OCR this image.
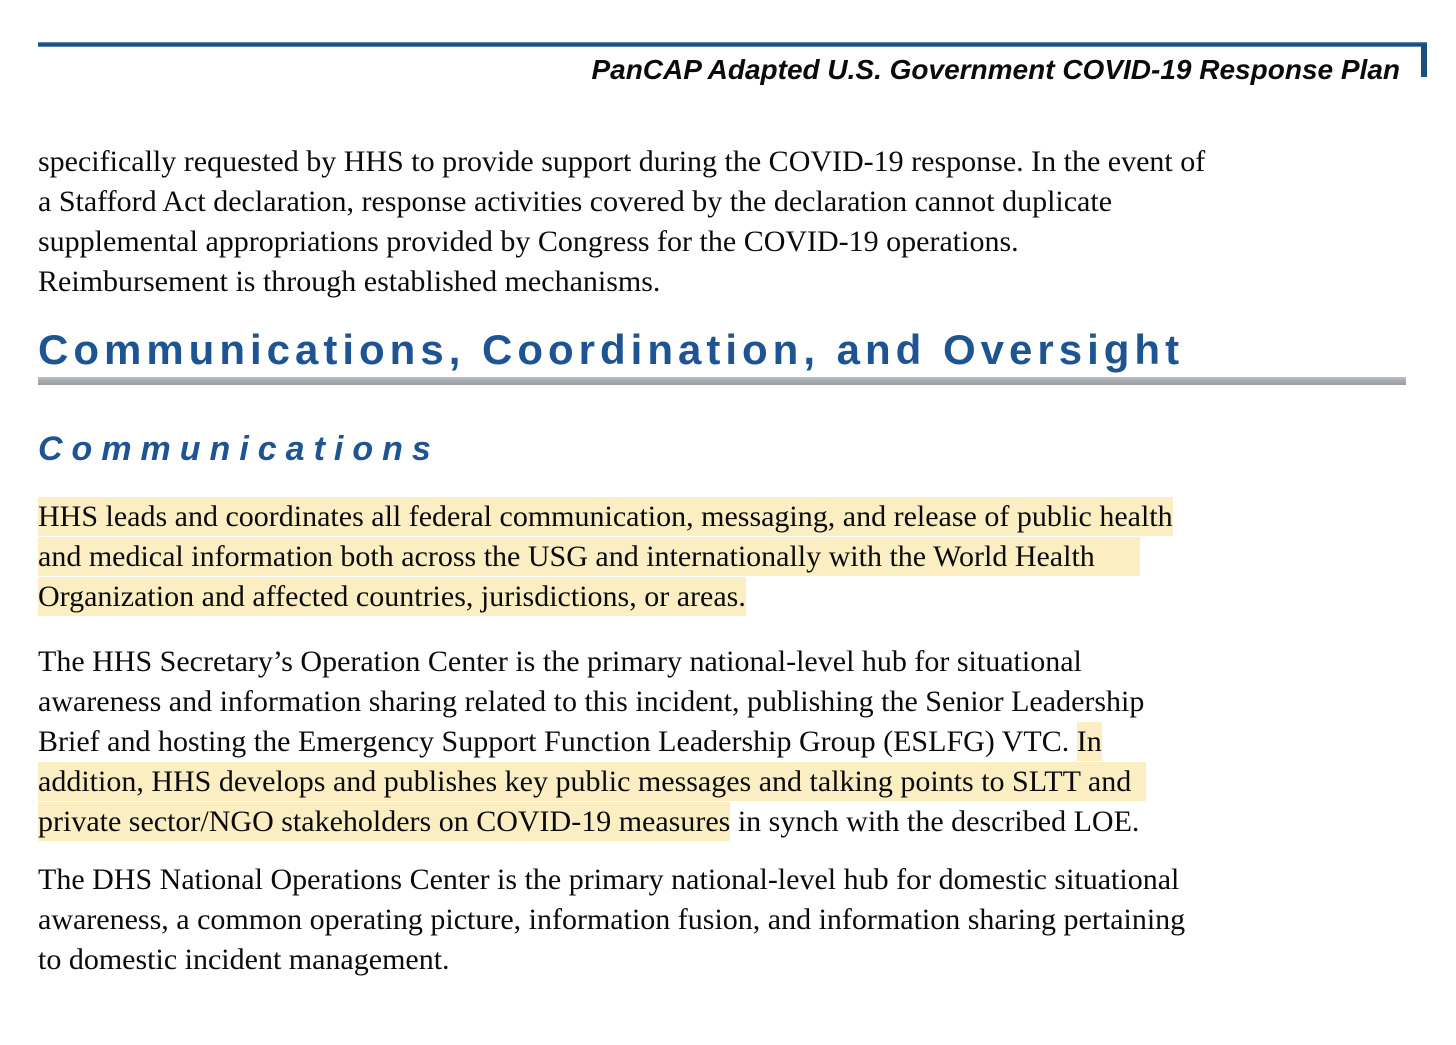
PanCAP Adapted U.S. Government COVID-19 Response Plan
specifically requested by HHS to provide support during the COVID-19 response. In the event of
a Stafford Act declaration, response activities covered by the declaration cannot duplicate
supplemental appropriations provided by Congress for the COVID-19 operations.
Reimbursement is through established mechanisms.
Communications, Coordination, and Oversight
Communications
HHS leads and coordinates all federal communication, messaging, and release of public health
and medical information both across the USG and internationally with the World Health
Organization and affected countries, jurisdictions, or areas.
The HHS Secretary’s Operation Center is the primary national-level hub for situational
awareness and information sharing related to this incident, publishing the Senior Leadership
Brief and hosting the Emergency Support Function Leadership Group (ESLFG) VTC. In
addition, HHS develops and publishes key public messages and talking points to SLTT and
private sector/NGO stakeholders on COVID-19 measures in synch with the described LOE.
The DHS National Operations Center is the primary national-level hub for domestic situational
awareness, a common operating picture, information fusion, and information sharing pertaining
to domestic incident management.
